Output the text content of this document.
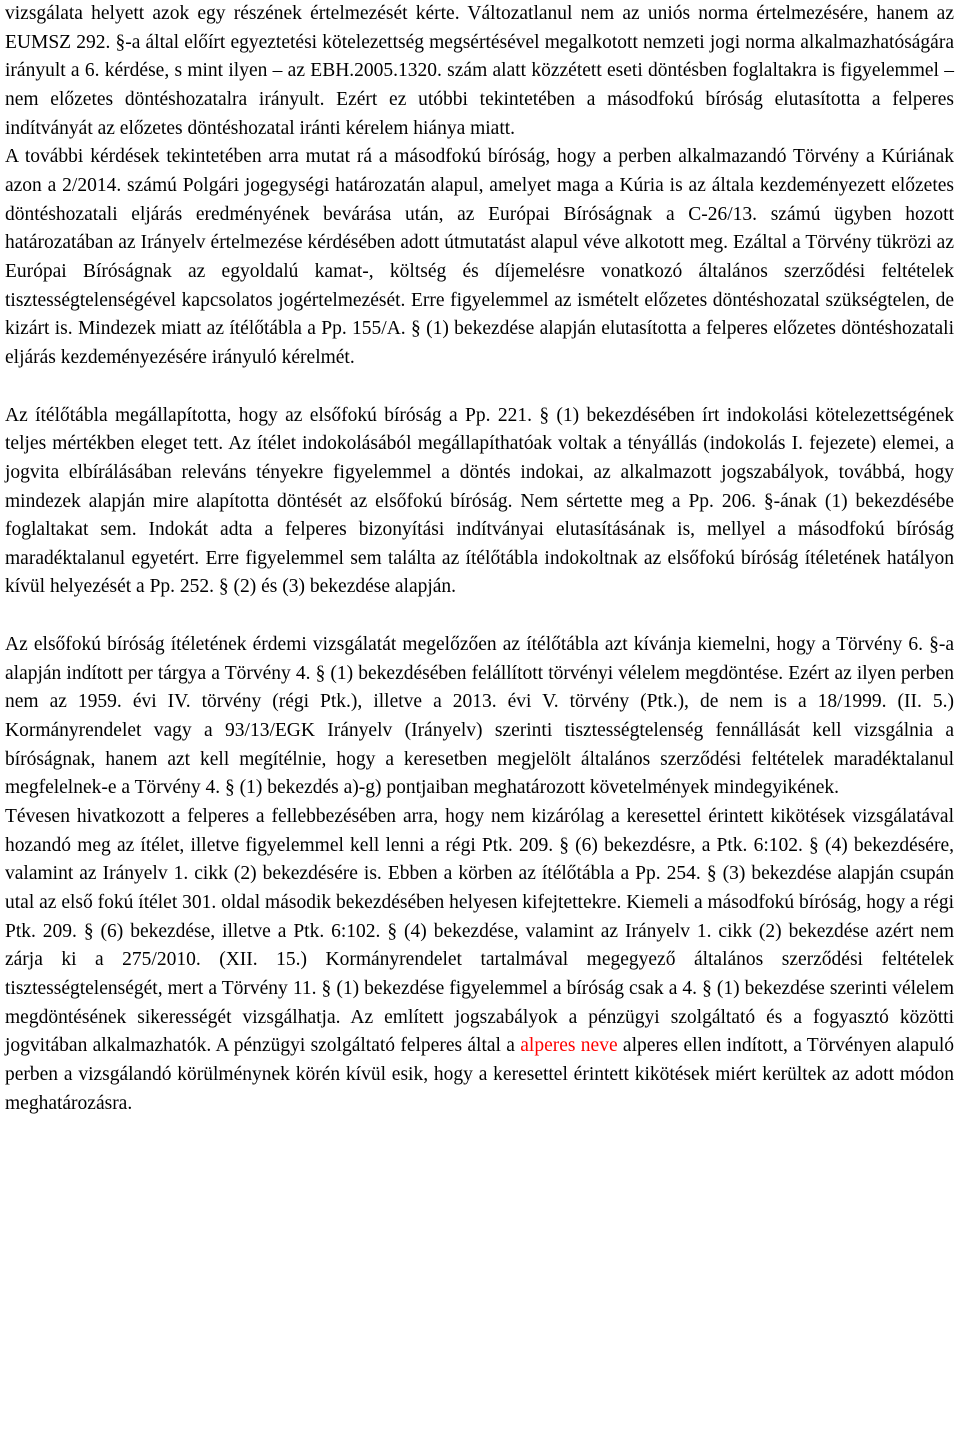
vizsgálata helyett azok egy részének értelmezését kérte. Változatlanul nem az uniós norma értelmezésére, hanem az EUMSZ 292. §-a által előírt egyeztetési kötelezettség megsértésével megalkotott nemzeti jogi norma alkalmazhatóságára irányult a 6. kérdése, s mint ilyen – az EBH.2005.1320. szám alatt közzétett eseti döntésben foglaltakra is figyelemmel – nem előzetes döntéshozatalra irányult. Ezért ez utóbbi tekintetében a másodfokú bíróság elutasította a felperes indítványát az előzetes döntéshozatal iránti kérelem hiánya miatt.

A további kérdések tekintetében arra mutat rá a másodfokú bíróság, hogy a perben alkalmazandó Törvény a Kúriának azon a 2/2014. számú Polgári jogegységi határozatán alapul, amelyet maga a Kúria is az általa kezdeményezett előzetes döntéshozatali eljárás eredményének bevárása után, az Európai Bíróságnak a C-26/13. számú ügyben hozott határozatában az Irányelv értelmezése kérdésében adott útmutatást alapul véve alkotott meg. Ezáltal a Törvény tükrözi az Európai Bíróságnak az egyoldalú kamat-, költség és díjemelésre vonatkozó általános szerződési feltételek tisztességtelenségével kapcsolatos jogértelmezését. Erre figyelemmel az ismételt előzetes döntéshozatal szükségtelen, de kizárt is. Mindezek miatt az ítélőtábla a Pp. 155/A. § (1) bekezdése alapján elutasította a felperes előzetes döntéshozatali eljárás kezdeményezésére irányuló kérelmét.

Az ítélőtábla megállapította, hogy az elsőfokú bíróság a Pp. 221. § (1) bekezdésében írt indokolási kötelezettségének teljes mértékben eleget tett. Az ítélet indokolásából megállapíthatóak voltak a tényállás (indokolás I. fejezete) elemei, a jogvita elbírálásában releváns tényekre figyelemmel a döntés indokai, az alkalmazott jogszabályok, továbbá, hogy mindezek alapján mire alapította döntését az elsőfokú bíróság. Nem sértette meg a Pp. 206. §-ának (1) bekezdésébe foglaltakat sem. Indokát adta a felperes bizonyítási indítványai elutasításának is, mellyel a másodfokú bíróság maradéktalanul egyetért. Erre figyelemmel sem találta az ítélőtábla indokoltnak az elsőfokú bíróság ítéletének hatályon kívül helyezését a Pp. 252. § (2) és (3) bekezdése alapján.

Az elsőfokú bíróság ítéletének érdemi vizsgálatát megelőzően az ítélőtábla azt kívánja kiemelni, hogy a Törvény 6. §-a alapján indított per tárgya a Törvény 4. § (1) bekezdésében felállított törvényi vélelem megdöntése. Ezért az ilyen perben nem az 1959. évi IV. törvény (régi Ptk.), illetve a 2013. évi V. törvény (Ptk.), de nem is a 18/1999. (II. 5.) Kormányrendelet vagy a 93/13/EGK Irányelv (Irányelv) szerinti tisztességtelenség fennállását kell vizsgálnia a bíróságnak, hanem azt kell megítélnie, hogy a keresetben megjelölt általános szerződési feltételek maradéktalanul megfelelnek-e a Törvény 4. § (1) bekezdés a)-g) pontjaiban meghatározott követelmények mindegyikének.

Tévesen hivatkozott a felperes a fellebbezésében arra, hogy nem kizárólag a keresettel érintett kikötések vizsgálatával hozandó meg az ítélet, illetve figyelemmel kell lenni a régi Ptk. 209. § (6) bekezdésre, a Ptk. 6:102. § (4) bekezdésére, valamint az Irányelv 1. cikk (2) bekezdésére is. Ebben a körben az ítélőtábla a Pp. 254. § (3) bekezdése alapján csupán utal az első fokú ítélet 301. oldal második bekezdésében helyesen kifejtettekre. Kiemeli a másodfokú bíróság, hogy a régi Ptk. 209. § (6) bekezdése, illetve a Ptk. 6:102. § (4) bekezdése, valamint az Irányelv 1. cikk (2) bekezdése azért nem zárja ki a 275/2010. (XII. 15.) Kormányrendelet tartalmával megegyező általános szerződési feltételek tisztességtelenségét, mert a Törvény 11. § (1) bekezdése figyelemmel a bíróság csak a 4. § (1) bekezdése szerinti vélelem megdöntésének sikerességét vizsgálhatja. Az említett jogszabályok a pénzügyi szolgáltató és a fogyasztó közötti jogvitában alkalmazhatók. A pénzügyi szolgáltató felperes által a alperes neve alperes ellen indított, a Törvényen alapuló perben a vizsgálandó körülménynek körén kívül esik, hogy a keresettel érintett kikötések miért kerültek az adott módon meghatározásra.
